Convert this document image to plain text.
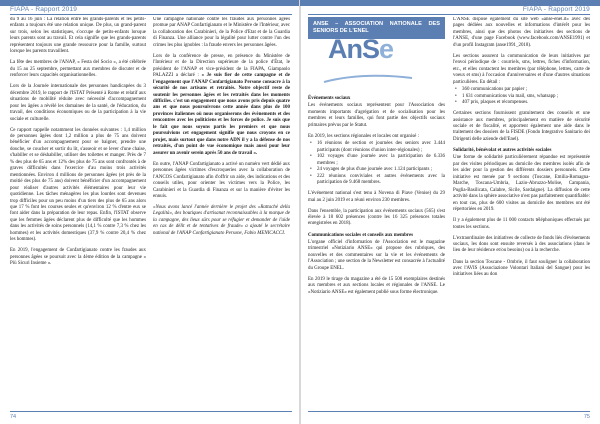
FIAPA - Rapport 2019

du 9 au 16 juin : La relation entre les grands-parents et les petits-enfants a toujours été une relation unique. De plus, un grand-parent sur trois, selon les statistiques, s'occupe de petits-enfants lorsque leurs parents sont au travail. Et cela signifie que les grands-parents représentent toujours une grande ressource pour la famille, surtout lorsque les parents travaillent.

La fête des membres de l'ANAP, « Festa del Socio », a été célébrée du 15 au 25 septembre, permettant aux membres de discuter et de renforcer leurs capacités organisationnelles.

Lors de la Journée internationale des personnes handicapées du 3 décembre 2019, le rapport de l'ISTAT Présenté à Rome et relatif aux situations de mobilité réduite avec nécessité d'accompagnement pour les âgées a révélé les domaines de la santé, de l'éducation, du travail, des conditions économiques ou de la participation à la vie sociale et culturelle.

Ce rapport rappelle notamment les données suivantes : 1,4 million de personnes âgées dont 1,2 million a plus de 75 ans doivent bénéficier d'un accompagnement pour se baigner, prendre une douche, se coucher et sortir du lit, s'asseoir et se lever d'une chaise, s'habiller et se déshabiller, utiliser des toilettes et manger. Près de 7 % des plus de 65 ans et 12% des plus de 75 ans sont confrontés à de graves difficultés dans l'exercice d'au moins trois activités mentionnées. Environ 4 millions de personnes âgées (et près de la moitié des plus de 75 ans) doivent bénéficier d'un accompagnement pour réaliser d'autres activités élémentaires pour leur vie quotidienne. Les tâches ménagères les plus lourdes sont devenues trop difficiles pour un peu moins d'un tiers des plus de 65 ans alors que 17 % font les courses seules et qu'environ 12 % d'entre eux se font aider dans la préparation de leur repas. Enfin, l'ISTAT observe que les femmes âgées déclarent plus de difficulté que les hommes dans les activités de soins personnels (14,1 % contre 7,3 % chez les hommes) et les activités domestiques (37,9 % contre 20,4 % chez les hommes).

En 2019, l'engagement de Confartigianato contre les fraudes aux personnes âgées se poursuit avec la 4ème édition de la campagne « Più Sicuri Insieme ».

Une campagne nationale contre les fraudes aux personnes âgées promue par ANAP Confartigianato et le Ministère de l'Intérieur, avec la collaboration des Carabinieri, de la Police d'Etat et de la Guardia di Finanza. Une alliance pour la légalité pour lutter contre l'un des crimes les plus ignobles : la fraude envers les personnes âgées.

Lors de la conférence de presse, en présence du Ministère de l'Intérieur et de la Direction supérieure de la police d'État, le président de l'ANAP et vice-président de la FIAPA, Giampaolo PALAZZI a déclaré : « Je suis fier de cette campagne et de l'engagement que l'ANAP Confartigianato Persone consacre à la sécurité de nos artisans et retraités. Notre objectif reste de soutenir les personnes âgées et les retraités dans les moments difficiles. c'est un engagement que nous avons pris depuis quatre ans et que nous poursuivrons cette année dans plus de 100 provinces italiennes où nous organiserons des évènements et des rencontres avec les politiciens et les forces de police. Je suis que le fait que nous soyons partis les premiers et que nous poursuivions cet engagement signifie que nous croyons en ce projet, mais surtout que dans notre ADN il y a la défense de nos retraités, d'un point de vue économique mais aussi pour leur assurer un avenir serein après 50 ans de travail ».

En outre, l'ANAP Confartigianato a activé un numéro vert dédié aux personnes âgées victimes d'escroqueries avec la collaboration de l'ANCOS Confartigianato afin d'offrir un aide, des indications et des conseils utiles, pour orienter les victimes vers la Police, les Carabinieri et la Guardia di Finanza et sur la manière d'éviter les ennuis.

«Nous avons lancé l'année dernière le projet des «Rattaché della Legalità», des boutiques d'artisanat reconnaissables à la marque de la campagne, des lieux sûrs pour se réfugier et demander de l'aide en cas de délit et de tentatives de fraude» a ajouté le secrétaire national de l'ANAP Confartigianato Persone, Fabio MENICACCI.

74
FIAPA - Rapport 2019
ANSE – ASSOCIATION NATIONALE DES SENIORS DE L'ENEL
AnSe

Événements sociaux

Les événements sociaux représentent pour l'Association des moments importants d'agrégation et de socialisation pour les membres et leurs familles, qui font partie des objectifs sociaux primaires prévus par le Statut.

En 2019, les sections régionales et locales ont organisé :

• 16 réunions de section et journées des seniors avec 3.444 participants (dont réunions d'union inter-régionales) ;
• 102 voyages d'une journée avec la participation de 6.336 membres ;
• 24 voyages de plus d'une journée avec 1.124 participants ;
• 222 réunions conviviales et autres événements avec la participation de 9.468 membres.

L'événement national s'est tenu à Novena di Piave (Venise) du 29 mai au 2 juin 2019 et a réuni environ 230 membres.

Dans l'ensemble, la participation aux événements sociaux (565) s'est élevée à 18 602 présences (contre les 16 325 présences totales enregistrées en 2018).

Communications sociales et conseils aux membres

L'organe officiel d'information de l'Association est le magazine trimestriel «Notiziario ANSE» qui propose des rubriques, des nouvelles et des commentaires sur la vie et les événements de l'Association ; une section de la Newsletter est consacrée à l'actualité du Groupe ENEL.

En 2019 le tirage du magazine a été de 15 500 exemplaires destinés aux membres et aux sections locales et régionales de l'ANSE. Le «Notiziario ANSE» est également publié sous forme électronique.

L'ANSE dispose également du site web «anse-enel.it» avec des pages dédiées aux nouvelles et informations d'intérêt pour les membres, ainsi que des photos des initiatives des sections de l'ANSE, d'une page Facebook (www.facebook.com/ANSE1991) et d'un profil Instagram (anse1991_2018).

Les sections assurent la communication de leurs initiatives par l'envoi périodique de : courriels, sms, lettres, fiches d'information, etc., et elles contactent les membres (par téléphone, lettres, carte de voeux et sms) à l'occasion d'anniversaires et d'une d'autres situations particulières. En détail :

• 360 communications par papier ;
• 1 631 communications via mail, sms, whatsapp ;
• 407 pris, plaques et récompenses.

Certaines sections fournissent gratuitement des conseils et une assistance aux membres, principalement en matière de sécurité sociale et de fiscalité, et apportent également une aide dans le traitement des dossiers de la FISDE (Fondo Integrativo Sanitario dei Dirigenti delle aziende dell'Enel).

Solidarité, bénévolat et autres activités sociales

Une forme de solidarité particulièrement répandue est représentée par des visites périodiques au domicile des membres isolés afin de les aider pour la gestion des différents dossiers personnels. Cette initiative est menée par 9 sections (Toscane, Emilia-Romagna-Marche, Toscana-Umbria, Lazio-Abruzzo-Molise, Campania, Puglia-Basilicata, Calabre, Sicile, Sardaigne). La diffusion de cette activité dans la sphère associative n'est pas parfaitement quantifiable: en tout cas, plus de 600 visites au domicile des membres ont été répertoriées en 2019.

Il y a également plus de 11 000 contacts téléphoniques effectués par toutes les sections.

L'extraordinaire des initiatives de collecte de fonds liés d'événements sociaux, les dons sont ensuite reversés à des associations (dans le lieu de leur résidence et/ou besoins) ou à la recherche.

Dans la section Toscane - Ombrie, il faut souligner la collaboration avec l'AVIS (Associazione Volontari Italiani del Sangue) pour les initiatives liées au don

75
